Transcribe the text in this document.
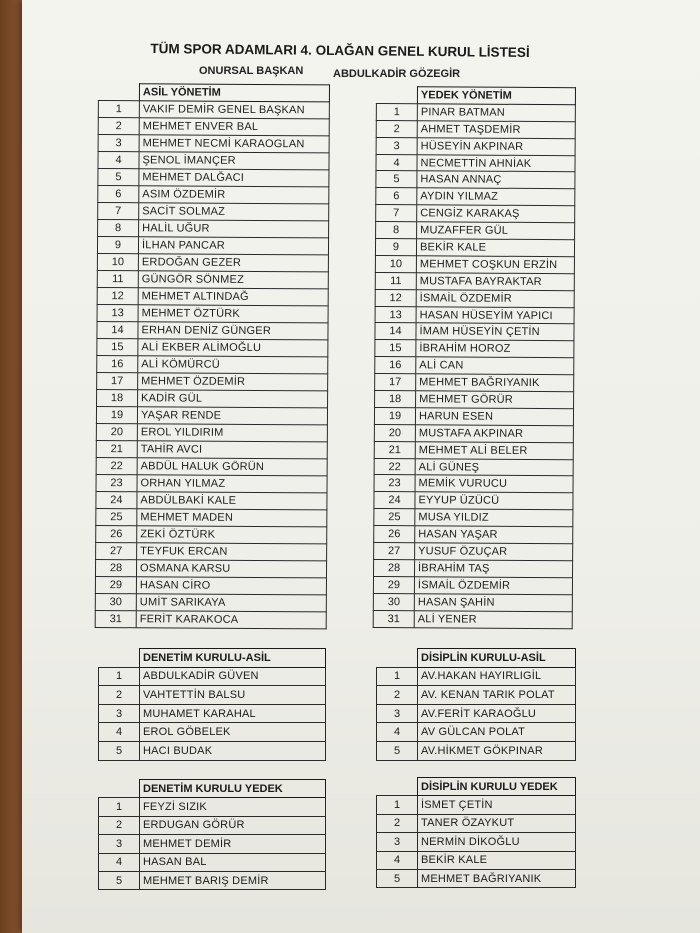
TÜM SPOR ADAMLARI 4. OLAĞAN GENEL KURUL LİSTESİ
ONURSAL BAŞKAN	ABDULKADİR GÖZEGİR
	ASİL YÖNETİM
1	VAKIF DEMİR GENEL BAŞKAN
2	MEHMET ENVER BAL
3	MEHMET NECMİ KARAOGLAN
4	ŞENOL İMANÇER
5	MEHMET DALĞACI
6	ASIM ÖZDEMİR
7	SACİT SOLMAZ
8	HALİL UĞUR
9	İLHAN PANCAR
10	ERDOĞAN GEZER
11	GÜNGÖR SÖNMEZ
12	MEHMET ALTINDAĞ
13	MEHMET ÖZTÜRK
14	ERHAN DENİZ GÜNGER
15	ALİ EKBER ALİMOĞLU
16	ALİ KÖMÜRCÜ
17	MEHMET ÖZDEMİR
18	KADİR GÜL
19	YAŞAR RENDE
20	EROL YILDIRIM
21	TAHİR AVCI
22	ABDÜL HALUK GÖRÜN
23	ORHAN YILMAZ
24	ABDÜLBAKİ KALE
25	MEHMET MADEN
26	ZEKİ ÖZTÜRK
27	TEYFUK ERCAN
28	OSMANA KARSU
29	HASAN CİRO
30	UMİT SARIKAYA
31	FERİT KARAKOCA
	YEDEK YÖNETİM
1	PINAR BATMAN
2	AHMET TAŞDEMİR
3	HÜSEYİN AKPINAR
4	NECMETTİN AHNİAK
5	HASAN ANNAÇ
6	AYDIN YILMAZ
7	CENGİZ KARAKAŞ
8	MUZAFFER GÜL
9	BEKİR KALE
10	MEHMET COŞKUN ERZİN
11	MUSTAFA BAYRAKTAR
12	İSMAİL ÖZDEMİR
13	HASAN HÜSEYİM YAPICI
14	İMAM HÜSEYİN ÇETİN
15	İBRAHİM HOROZ
16	ALİ CAN
17	MEHMET BAĞRIYANIK
18	MEHMET GÖRÜR
19	HARUN ESEN
20	MUSTAFA AKPINAR
21	MEHMET ALİ BELER
22	ALİ GÜNEŞ
23	MEMİK VURUCU
24	EYYUP ÜZÜCÜ
25	MUSA YILDIZ
26	HASAN YAŞAR
27	YUSUF ÖZUÇAR
28	İBRAHİM TAŞ
29	İSMAİL ÖZDEMİR
30	HASAN ŞAHİN
31	ALİ YENER
	DENETİM KURULU-ASİL
1	ABDULKADİR GÜVEN
2	VAHTETTİN BALSU
3	MUHAMET KARAHAL
4	EROL GÖBELEK
5	HACI BUDAK
	DİSİPLİN KURULU-ASİL
1	AV.HAKAN HAYIRLIGİL
2	AV. KENAN TARIK POLAT
3	AV.FERİT KARAOĞLU
4	AV GÜLCAN POLAT
5	AV.HİKMET GÖKPINAR
	DENETİM KURULU YEDEK
1	FEYZİ SIZIK
2	ERDUGAN GÖRÜR
3	MEHMET DEMİR
4	HASAN BAL
5	MEHMET BARIŞ DEMİR
	DİSİPLİN KURULU YEDEK
1	İSMET ÇETİN
2	TANER ÖZAYKUT
3	NERMİN DİKOĞLU
4	BEKİR KALE
5	MEHMET BAĞRIYANIK
